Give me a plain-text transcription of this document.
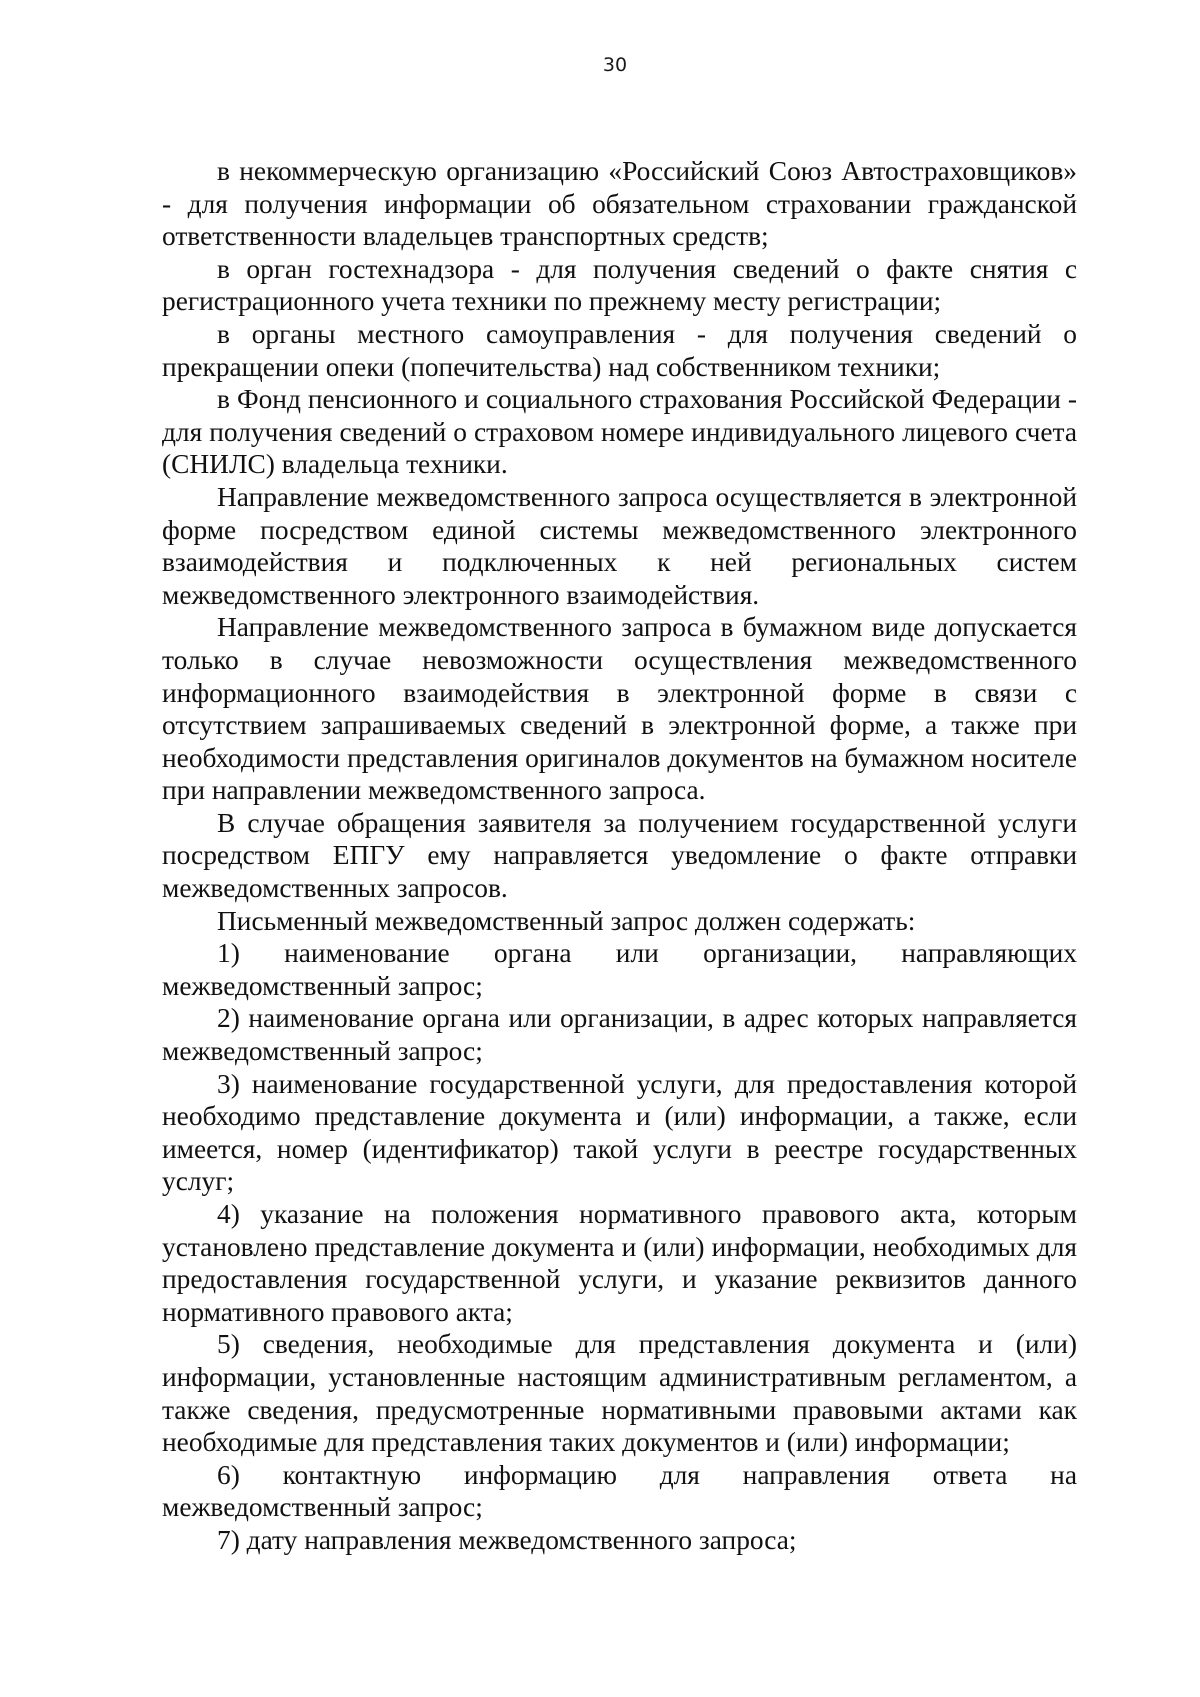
30

в некоммерческую организацию «Российский Союз Автостраховщиков» - для получения информации об обязательном страховании гражданской ответственности владельцев транспортных средств;

в орган гостехнадзора - для получения сведений о факте снятия с регистрационного учета техники по прежнему месту регистрации;

в органы местного самоуправления - для получения сведений о прекращении опеки (попечительства) над собственником техники;

в Фонд пенсионного и социального страхования Российской Федерации - для получения сведений о страховом номере индивидуального лицевого счета (СНИЛС) владельца техники.

Направление межведомственного запроса осуществляется в электронной форме посредством единой системы межведомственного электронного взаимодействия и подключенных к ней региональных систем межведомственного электронного взаимодействия.

Направление межведомственного запроса в бумажном виде допускается только в случае невозможности осуществления межведомственного информационного взаимодействия в электронной форме в связи с отсутствием запрашиваемых сведений в электронной форме, а также при необходимости представления оригиналов документов на бумажном носителе при направлении межведомственного запроса.

В случае обращения заявителя за получением государственной услуги посредством ЕПГУ ему направляется уведомление о факте отправки межведомственных запросов.

Письменный межведомственный запрос должен содержать:

1) наименование органа или организации, направляющих межведомственный запрос;

2) наименование органа или организации, в адрес которых направляется межведомственный запрос;

3) наименование государственной услуги, для предоставления которой необходимо представление документа и (или) информации, а также, если имеется, номер (идентификатор) такой услуги в реестре государственных услуг;

4) указание на положения нормативного правового акта, которым установлено представление документа и (или) информации, необходимых для предоставления государственной услуги, и указание реквизитов данного нормативного правового акта;

5) сведения, необходимые для представления документа и (или) информации, установленные настоящим административным регламентом, а также сведения, предусмотренные нормативными правовыми актами как необходимые для представления таких документов и (или) информации;

6) контактную информацию для направления ответа на межведомственный запрос;

7) дату направления межведомственного запроса;
